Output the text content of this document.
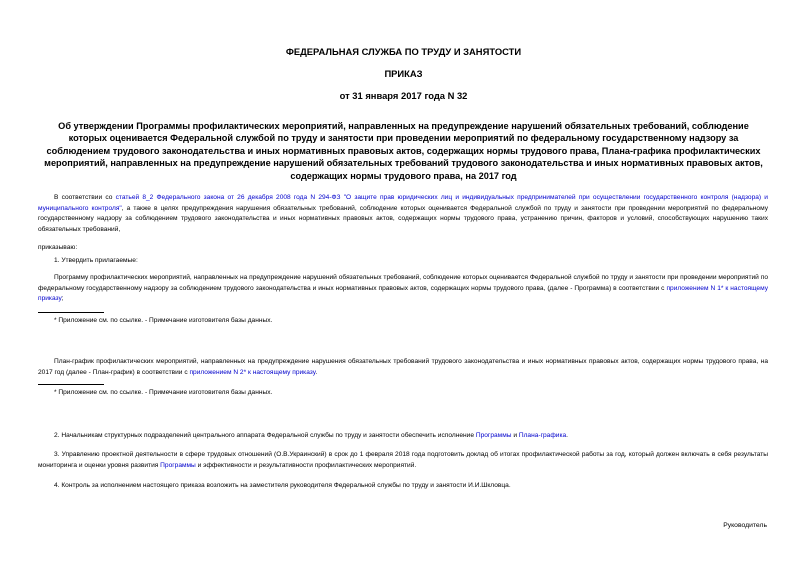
ФЕДЕРАЛЬНАЯ СЛУЖБА ПО ТРУДУ И ЗАНЯТОСТИ
ПРИКАЗ
от 31 января 2017 года N 32
Об утверждении Программы профилактических мероприятий, направленных на предупреждение нарушений обязательных требований, соблюдение которых оценивается Федеральной службой по труду и занятости при проведении мероприятий по федеральному государственному надзору за соблюдением трудового законодательства и иных нормативных правовых актов, содержащих нормы трудового права, Плана-графика профилактических мероприятий, направленных на предупреждение нарушений обязательных требований трудового законодательства и иных нормативных правовых актов, содержащих нормы трудового права, на 2017 год
В соответствии со статьей 8_2 Федерального закона от 26 декабря 2008 года N 294-ФЗ "О защите прав юридических лиц и индивидуальных предпринимателей при осуществлении государственного контроля (надзора) и муниципального контроля", а также в целях предупреждения нарушения обязательных требований, соблюдение которых оценивается Федеральной службой по труду и занятости при проведении мероприятий по федеральному государственному надзору за соблюдением трудового законодательства и иных нормативных правовых актов, содержащих нормы трудового права, устранению причин, факторов и условий, способствующих нарушению таких обязательных требований,
приказываю:
1. Утвердить прилагаемые:
Программу профилактических мероприятий, направленных на предупреждение нарушений обязательных требований, соблюдение которых оценивается Федеральной службой по труду и занятости при проведении мероприятий по федеральному государственному надзору за соблюдением трудового законодательства и иных нормативных правовых актов, содержащих нормы трудового права, (далее - Программа) в соответствии с приложением N 1* к настоящему приказу;
* Приложение см. по ссылке. - Примечание изготовителя базы данных.
План-график профилактических мероприятий, направленных на предупреждение нарушения обязательных требований трудового законодательства и иных нормативных правовых актов, содержащих нормы трудового права, на 2017 год (далее - План-график) в соответствии с приложением N 2* к настоящему приказу.
* Приложение см. по ссылке. - Примечание изготовителя базы данных.
2. Начальникам структурных подразделений центрального аппарата Федеральной службы по труду и занятости обеспечить исполнение Программы и Плана-графика.
3. Управлению проектной деятельности в сфере трудовых отношений (О.В.Украинский) в срок до 1 февраля 2018 года подготовить доклад об итогах профилактической работы за год, который должен включать в себя результаты мониторинга и оценки уровня развития Программы и эффективности и результативности профилактических мероприятий.
4. Контроль за исполнением настоящего приказа возложить на заместителя руководителя Федеральной службы по труду и занятости И.И.Шкловца.
Руководитель
